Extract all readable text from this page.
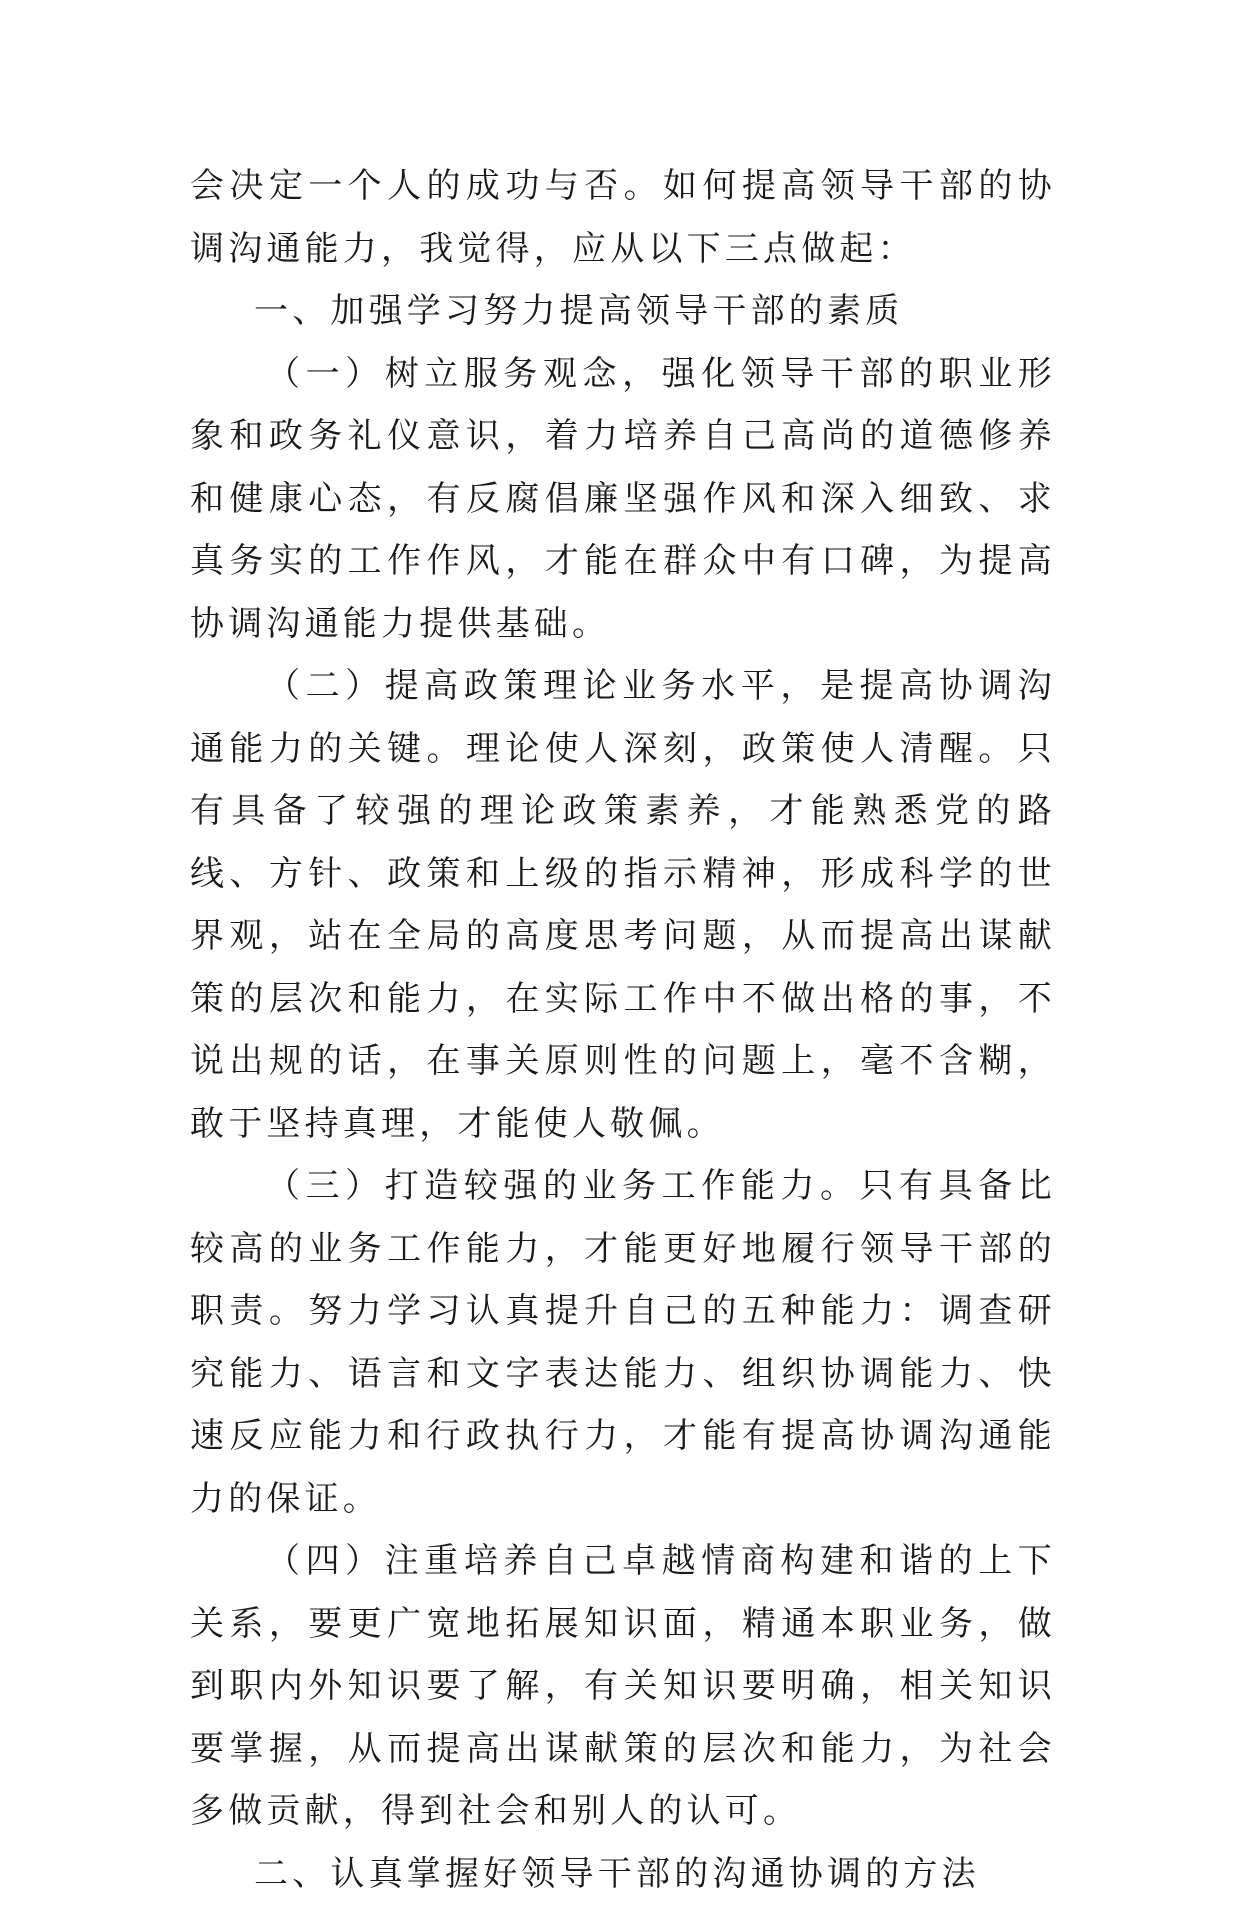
会决定一个人的成功与否。如何提高领导干部的协调沟通能力，我觉得，应从以下三点做起：

一、加强学习努力提高领导干部的素质

（一）树立服务观念，强化领导干部的职业形象和政务礼仪意识，着力培养自己高尚的道德修养和健康心态，有反腐倡廉坚强作风和深入细致、求真务实的工作作风，才能在群众中有口碑，为提高协调沟通能力提供基础。

（二）提高政策理论业务水平，是提高协调沟通能力的关键。理论使人深刻，政策使人清醒。只有具备了较强的理论政策素养，才能熟悉党的路线、方针、政策和上级的指示精神，形成科学的世界观，站在全局的高度思考问题，从而提高出谋献策的层次和能力，在实际工作中不做出格的事，不说出规的话，在事关原则性的问题上，毫不含糊，敢于坚持真理，才能使人敬佩。

（三）打造较强的业务工作能力。只有具备比较高的业务工作能力，才能更好地履行领导干部的职责。努力学习认真提升自己的五种能力：调查研究能力、语言和文字表达能力、组织协调能力、快速反应能力和行政执行力，才能有提高协调沟通能力的保证。

（四）注重培养自己卓越情商构建和谐的上下关系，要更广宽地拓展知识面，精通本职业务，做到职内外知识要了解，有关知识要明确，相关知识要掌握，从而提高出谋献策的层次和能力，为社会多做贡献，得到社会和别人的认可。

二、认真掌握好领导干部的沟通协调的方法
